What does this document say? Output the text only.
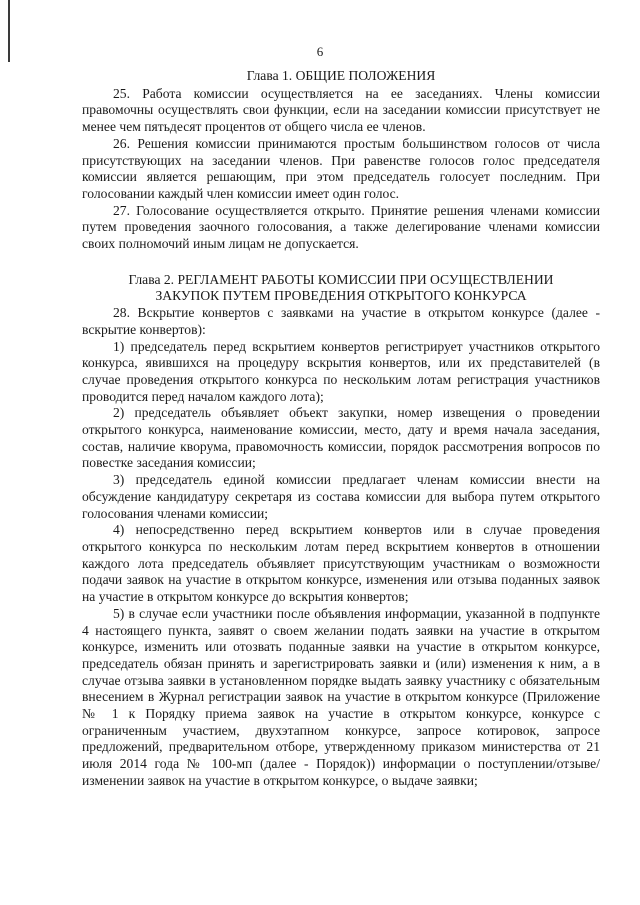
6

Глава 1. ОБЩИЕ ПОЛОЖЕНИЯ

25. Работа комиссии осуществляется на ее заседаниях. Члены комиссии правомочны осуществлять свои функции, если на заседании комиссии присутствует не менее чем пятьдесят процентов от общего числа ее членов.

26. Решения комиссии принимаются простым большинством голосов от числа присутствующих на заседании членов. При равенстве голосов голос председателя комиссии является решающим, при этом председатель голосует последним. При голосовании каждый член комиссии имеет один голос.

27. Голосование осуществляется открыто. Принятие решения членами комиссии путем проведения заочного голосования, а также делегирование членами комиссии своих полномочий иным лицам не допускается.

Глава 2. РЕГЛАМЕНТ РАБОТЫ КОМИССИИ ПРИ ОСУЩЕСТВЛЕНИИ
ЗАКУПОК ПУТЕМ ПРОВЕДЕНИЯ ОТКРЫТОГО КОНКУРСА

28. Вскрытие конвертов с заявками на участие в открытом конкурсе (далее - вскрытие конвертов):

1) председатель перед вскрытием конвертов регистрирует участников открытого конкурса, явившихся на процедуру вскрытия конвертов, или их представителей (в случае проведения открытого конкурса по нескольким лотам регистрация участников проводится перед началом каждого лота);

2) председатель объявляет объект закупки, номер извещения о проведении открытого конкурса, наименование комиссии, место, дату и время начала заседания, состав, наличие кворума, правомочность комиссии, порядок рассмотрения вопросов по повестке заседания комиссии;

3) председатель единой комиссии предлагает членам комиссии внести на обсуждение кандидатуру секретаря из состава комиссии для выбора путем открытого голосования членами комиссии;

4) непосредственно перед вскрытием конвертов или в случае проведения открытого конкурса по нескольким лотам перед вскрытием конвертов в отношении каждого лота председатель объявляет присутствующим участникам о возможности подачи заявок на участие в открытом конкурсе, изменения или отзыва поданных заявок на участие в открытом конкурсе до вскрытия конвертов;

5) в случае если участники после объявления информации, указанной в подпункте 4 настоящего пункта, заявят о своем желании подать заявки на участие в открытом конкурсе, изменить или отозвать поданные заявки на участие в открытом конкурсе, председатель обязан принять и зарегистрировать заявки и (или) изменения к ним, а в случае отзыва заявки в установленном порядке выдать заявку участнику с обязательным внесением в Журнал регистрации заявок на участие в открытом конкурсе (Приложение № 1 к Порядку приема заявок на участие в открытом конкурсе, конкурсе с ограниченным участием, двухэтапном конкурсе, запросе котировок, запросе предложений, предварительном отборе, утвержденному приказом министерства от 21 июля 2014 года № 100-мп (далее - Порядок)) информации о поступлении/отзыве/изменении заявок на участие в открытом конкурсе, о выдаче заявки;
